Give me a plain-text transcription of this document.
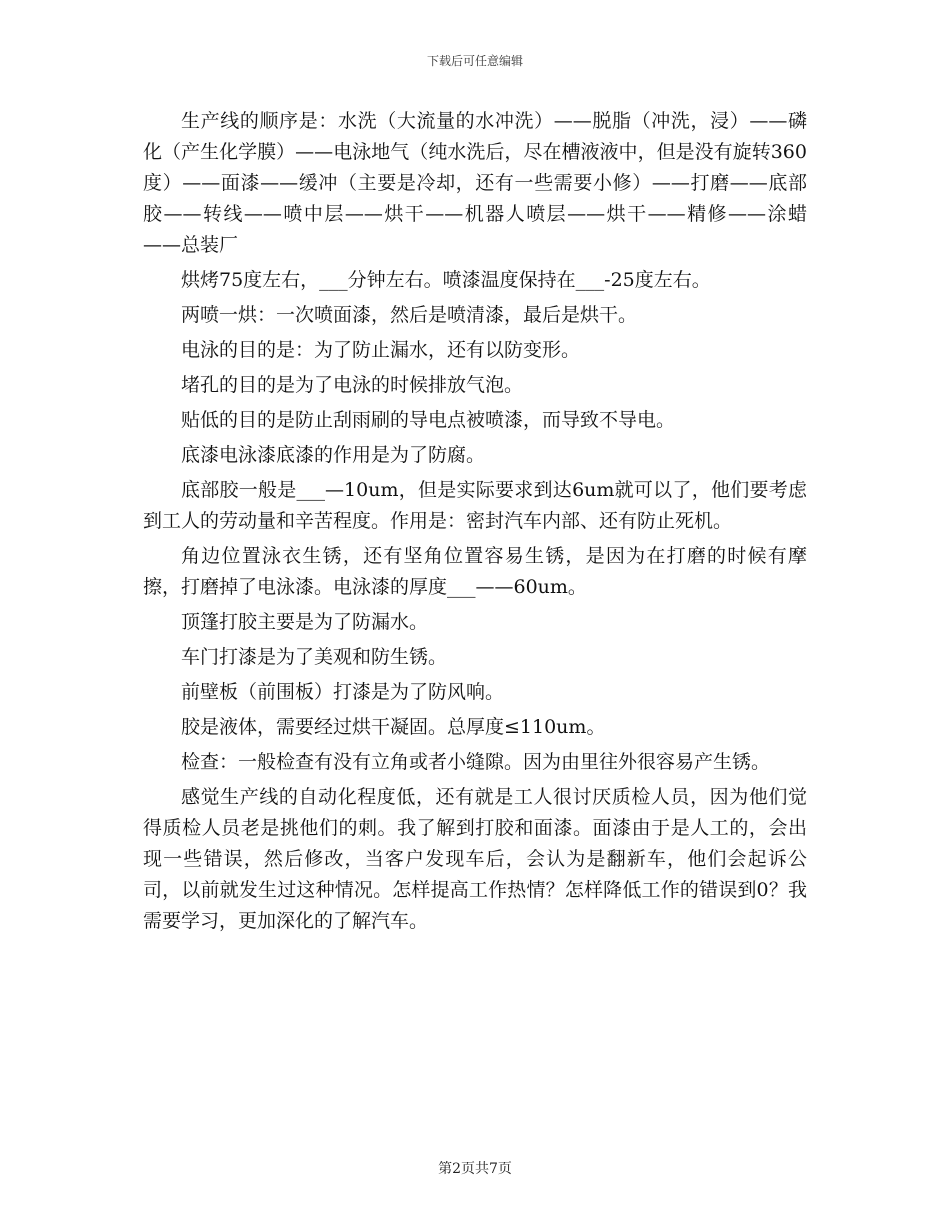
下载后可任意编辑

生产线的顺序是：水洗（大流量的水冲洗）——脱脂（冲洗，浸）——磷化（产生化学膜）——电泳地气（纯水洗后，尽在槽液液中，但是没有旋转360度）——面漆——缓冲（主要是冷却，还有一些需要小修）——打磨——底部胶——转线——喷中层——烘干——机器人喷层——烘干——精修——涂蜡——总装厂

烘烤75度左右，___分钟左右。喷漆温度保持在___-25度左右。

两喷一烘：一次喷面漆，然后是喷清漆，最后是烘干。

电泳的目的是：为了防止漏水，还有以防变形。

堵孔的目的是为了电泳的时候排放气泡。

贴低的目的是防止刮雨刷的导电点被喷漆，而导致不导电。

底漆电泳漆底漆的作用是为了防腐。

底部胶一般是___—10um，但是实际要求到达6um就可以了，他们要考虑到工人的劳动量和辛苦程度。作用是：密封汽车内部、还有防止死机。

角边位置泳衣生锈，还有坚角位置容易生锈，是因为在打磨的时候有摩擦，打磨掉了电泳漆。电泳漆的厚度___——60um。

顶篷打胶主要是为了防漏水。

车门打漆是为了美观和防生锈。

前壁板（前围板）打漆是为了防风响。

胶是液体，需要经过烘干凝固。总厚度≤110um。

检查：一般检查有没有立角或者小缝隙。因为由里往外很容易产生锈。

感觉生产线的自动化程度低，还有就是工人很讨厌质检人员，因为他们觉得质检人员老是挑他们的刺。我了解到打胶和面漆。面漆由于是人工的，会出现一些错误，然后修改，当客户发现车后，会认为是翻新车，他们会起诉公司，以前就发生过这种情况。怎样提高工作热情？怎样降低工作的错误到0？我需要学习，更加深化的了解汽车。

第2页共7页
